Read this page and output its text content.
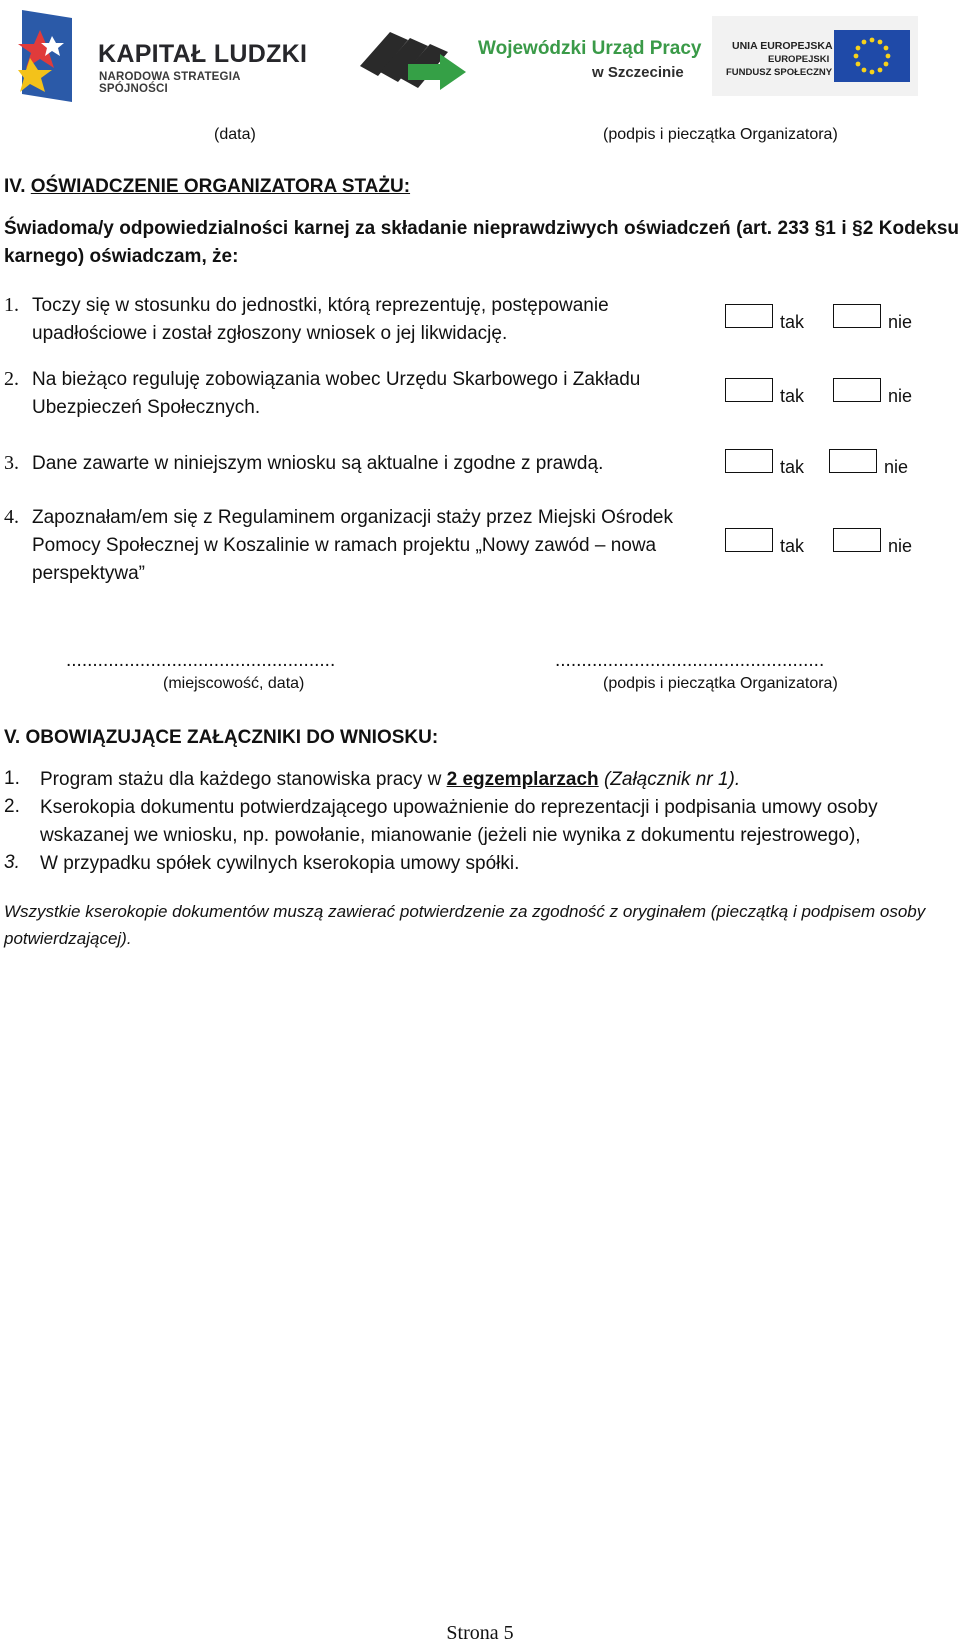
KAPITAŁ LUDZKI
NARODOWA STRATEGIA SPÓJNOŚCI
Wojewódzki Urząd Pracy
w Szczecinie
UNIA EUROPEJSKA
EUROPEJSKI
FUNDUSZ SPOŁECZNY
(data)	(podpis i pieczątka Organizatora)
IV. OŚWIADCZENIE ORGANIZATORA STAŻU:
Świadoma/y odpowiedzialności karnej za składanie nieprawdziwych oświadczeń (art. 233 §1 i §2 Kodeksu karnego) oświadczam, że:
1. Toczy się w stosunku do jednostki, którą reprezentuję, postępowanie upadłościowe i został zgłoszony wniosek o jej likwidację.
tak	nie
2. Na bieżąco reguluję zobowiązania wobec Urzędu Skarbowego i Zakładu Ubezpieczeń Społecznych.
tak	nie
3. Dane zawarte w niniejszym wniosku są aktualne i zgodne z prawdą.	tak	nie
4. Zapoznałam/em się z Regulaminem organizacji staży przez Miejski Ośrodek Pomocy Społecznej w Koszalinie w ramach projektu „Nowy zawód – nowa perspektywa”
tak	nie
...................................................	...................................................
(miejscowość, data)	(podpis i pieczątka Organizatora)
V. OBOWIĄZUJĄCE ZAŁĄCZNIKI DO WNIOSKU:
1. Program stażu dla każdego stanowiska pracy w 2 egzemplarzach (Załącznik nr 1).
2. Kserokopia dokumentu potwierdzającego upoważnienie do reprezentacji i podpisania umowy osoby wskazanej we wniosku, np. powołanie, mianowanie (jeżeli nie wynika z dokumentu rejestrowego),
3. W przypadku spółek cywilnych kserokopia umowy spółki.
Wszystkie kserokopie dokumentów muszą zawierać potwierdzenie za zgodność z oryginałem (pieczątką i podpisem osoby potwierdzającej).
Strona 5
